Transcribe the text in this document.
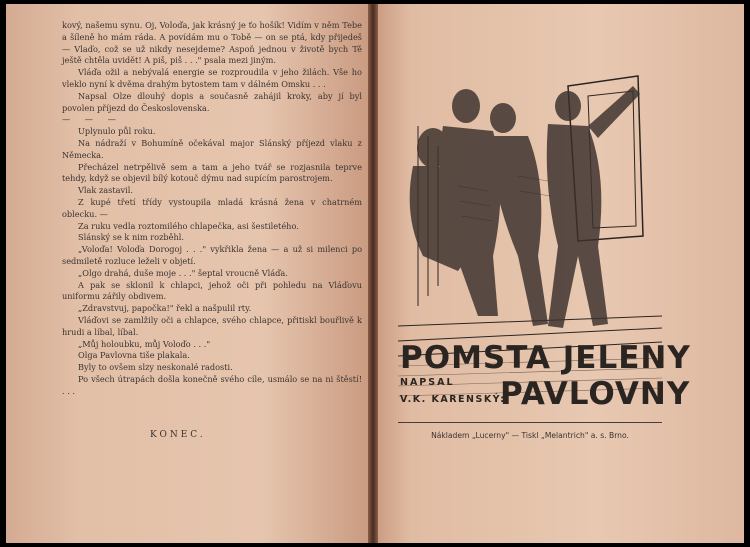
kový, našemu synu. Oj, Voloďa, jak krásný je ťo hošík! Vidím v něm Tebe a šíleně ho mám ráda. A povídám mu o Tobě — on se ptá, kdy přijedeš — Vlaďo, což se už nikdy nesejdeme? Aspoň jednou v životě bych Tě ještě chtěla uvidět! A piš, piš . . ." psala mezi jiným.

Vláďa ožil a nebývalá energie se rozproudila v jeho žilách. Vše ho vleklo nyní k dvěma drahým bytostem tam v dálném Omsku . . .

Napsal Olze dlouhý dopis a současně zahájil kroky, aby jí byl povolen příjezd do Československa.

— — —

Uplynulo půl roku.

Na nádraží v Bohumíně očekával major Slánský příjezd vlaku z Německa.

Přecházel netrpělivě sem a tam a jeho tvář se rozjasnila teprve tehdy, když se objevil bílý kotouč dýmu nad supícím parostrojem.

Vlak zastavil.

Z kupé třetí třídy vystoupila mladá krásná žena v chatrném oblecku. —

Za ruku vedla roztomilého chlapečka, asi šestiletého.

Slánský se k nim rozběhl.

„Voloďa! Voloďa Dorogoj . . ." vykřikla žena — a už si milenci po sedmiletě rozluce leželi v objetí.

„Olgo drahá, duše moje . . ." šeptal vroucně Vláďa.

A pak se sklonil k chlapci, jehož oči při pohledu na Vláďovu uniformu zářily obdivem.

„Zdravstvuj, papočka!" řekl a našpulil rty.

Vláďovi se zamlžily oči a chlapce, svého chlapce, přitiskl bouřlivě k hrudi a líbal, líbal.

„Můj holoubku, můj Voloďo . . ."

Olga Pavlovna tiše plakala.

Byly to ovšem slzy neskonalé radosti.

Po všech útrapách došla konečně svého cíle, usmálo se na ni štěstí! . . .

KONEC.
POMSTA JELENY
NAPSAL
V.K. KARENSKÝ:
PAVLOVNY
Nákladem „Lucerny" — Tiskl „Melantrich" a. s. Brno.
